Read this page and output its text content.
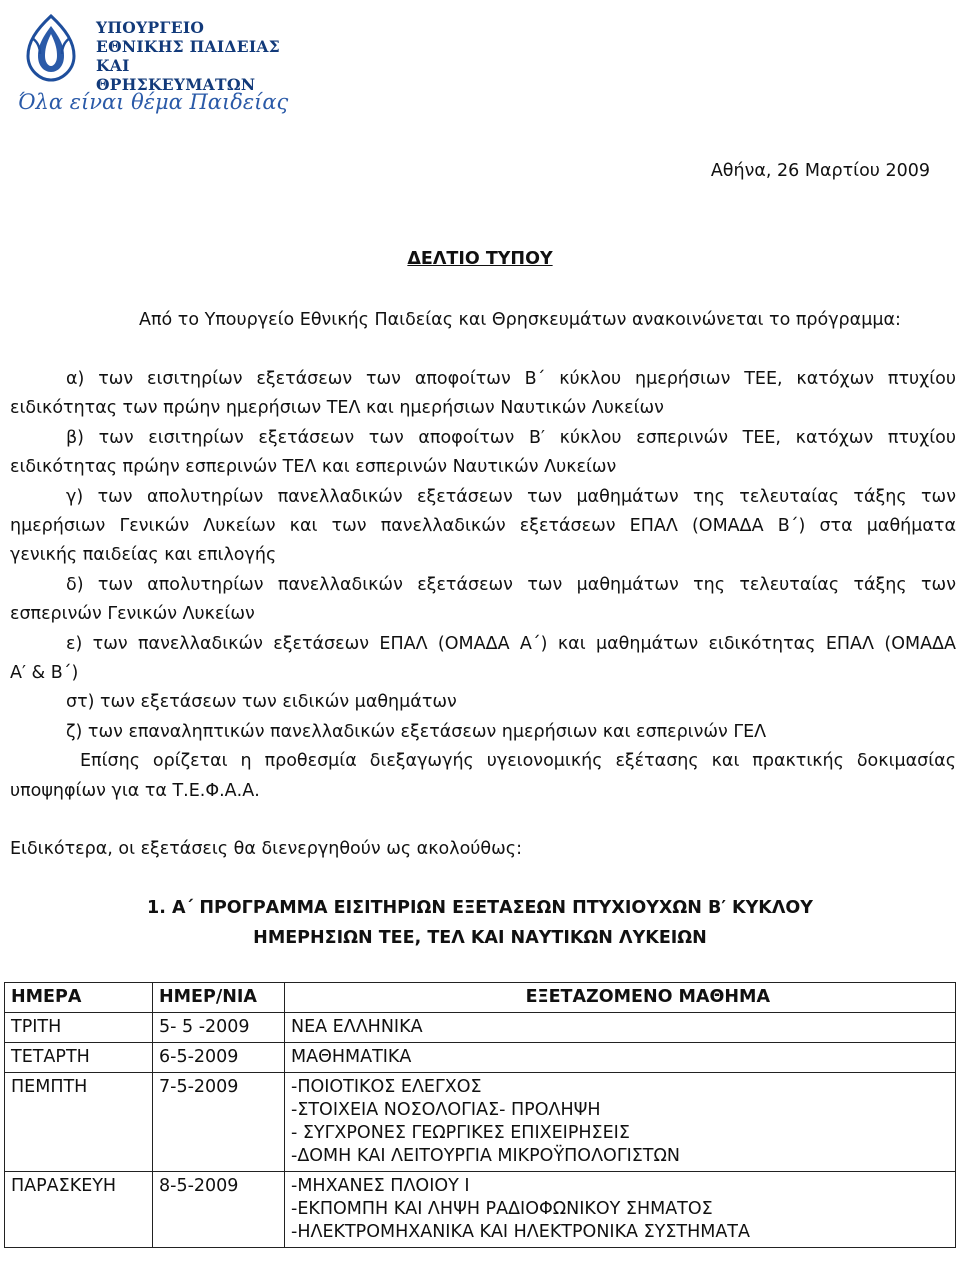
ΥΠΟΥΡΓΕΙΟ
ΕΘΝΙΚΗΣ ΠΑΙΔΕΙΑΣ
ΚΑΙ ΘΡΗΣΚΕΥΜΑΤΩΝ
Όλα είναι θέμα Παιδείας
Αθήνα, 26 Μαρτίου 2009
ΔΕΛΤΙΟ ΤΥΠΟΥ
Από το Υπουργείο Εθνικής Παιδείας και Θρησκευμάτων ανακοινώνεται το πρόγραμμα:
α) των εισιτηρίων εξετάσεων των αποφοίτων Β΄ κύκλου ημερήσιων ΤΕΕ, κατόχων πτυχίου
ειδικότητας των πρώην ημερήσιων ΤΕΛ και ημερήσιων Ναυτικών Λυκείων
β) των εισιτηρίων εξετάσεων των αποφοίτων Β′ κύκλου εσπερινών ΤΕΕ, κατόχων πτυχίου
ειδικότητας πρώην εσπερινών ΤΕΛ και εσπερινών Ναυτικών Λυκείων
γ) των απολυτηρίων πανελλαδικών εξετάσεων των μαθημάτων της τελευταίας τάξης των
ημερήσιων Γενικών Λυκείων και των πανελλαδικών εξετάσεων ΕΠΑΛ (ΟΜΑΔΑ Β΄) στα μαθήματα
γενικής παιδείας και επιλογής
δ) των απολυτηρίων πανελλαδικών εξετάσεων των μαθημάτων της τελευταίας τάξης των
εσπερινών Γενικών Λυκείων
ε) των πανελλαδικών εξετάσεων ΕΠΑΛ (ΟΜΑΔΑ Α΄) και μαθημάτων ειδικότητας ΕΠΑΛ (ΟΜΑΔΑ
Α′ & Β΄)
στ) των εξετάσεων των ειδικών μαθημάτων
ζ) των επαναληπτικών πανελλαδικών εξετάσεων ημερήσιων και εσπερινών ΓΕΛ
Επίσης ορίζεται η προθεσμία διεξαγωγής υγειονομικής εξέτασης και πρακτικής δοκιμασίας
υποψηφίων για τα Τ.Ε.Φ.Α.Α.
Ειδικότερα, οι εξετάσεις θα διενεργηθούν ως ακολούθως:
1. Α΄ ΠΡΟΓΡΑΜΜΑ ΕΙΣΙΤΗΡΙΩΝ ΕΞΕΤΑΣΕΩΝ ΠΤΥΧΙΟΥΧΩΝ Β′ ΚΥΚΛΟΥ
ΗΜΕΡΗΣΙΩΝ ΤΕΕ, ΤΕΛ ΚΑΙ ΝΑΥΤΙΚΩΝ ΛΥΚΕΙΩΝ
ΗΜΕΡΑ	ΗΜΕΡ/ΝΙΑ	ΕΞΕΤΑΖΟΜΕΝΟ ΜΑΘΗΜΑ
ΤΡΙΤΗ	5- 5 -2009	ΝΕΑ ΕΛΛΗΝΙΚΑ

ΤΕΤΑΡΤΗ	6-5-2009	ΜΑΘΗΜΑΤΙΚΑ

ΠΕΜΠΤΗ	7-5-2009	-ΠΟΙΟΤΙΚΟΣ ΕΛΕΓΧΟΣ
-ΣΤΟΙΧΕΙΑ ΝΟΣΟΛΟΓΙΑΣ- ΠΡΟΛΗΨΗ
- ΣΥΓΧΡΟΝΕΣ ΓΕΩΡΓΙΚΕΣ ΕΠΙΧΕΙΡΗΣΕΙΣ
-ΔΟΜΗ ΚΑΙ ΛΕΙΤΟΥΡΓΙΑ ΜΙΚΡΟΫΠΟΛΟΓΙΣΤΩΝ

ΠΑΡΑΣΚΕΥΗ	8-5-2009	-ΜΗΧΑΝΕΣ ΠΛΟΙΟΥ Ι
-ΕΚΠΟΜΠΗ ΚΑΙ ΛΗΨΗ ΡΑΔΙΟΦΩΝΙΚΟΥ ΣΗΜΑΤΟΣ
-ΗΛΕΚΤΡΟΜΗΧΑΝΙΚΑ ΚΑΙ ΗΛΕΚΤΡΟΝΙΚΑ ΣΥΣΤΗΜΑΤΑ
